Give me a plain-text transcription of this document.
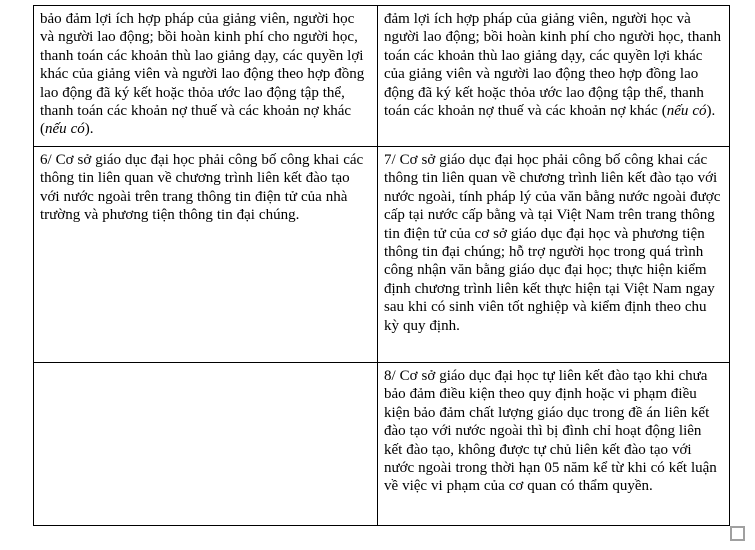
bảo đảm lợi ích hợp pháp của giảng viên, người học và người lao động; bồi hoàn kinh phí cho người học, thanh toán các khoản thù lao giảng dạy, các quyền lợi khác của giảng viên và người lao động theo hợp đồng lao động đã ký kết hoặc thỏa ước lao động tập thể, thanh toán các khoản nợ thuế và các khoản nợ khác (nếu có).	đảm lợi ích hợp pháp của giảng viên, người học và người lao động; bồi hoàn kinh phí cho người học, thanh toán các khoản thù lao giảng dạy, các quyền lợi khác của giảng viên và người lao động theo hợp đồng lao động đã ký kết hoặc thỏa ước lao động tập thể, thanh toán các khoản nợ thuế và các khoản nợ khác (nếu có).
6/ Cơ sở giáo dục đại học phải công bố công khai các thông tin liên quan về chương trình liên kết đào tạo với nước ngoài trên trang thông tin điện tử của nhà trường và phương tiện thông tin đại chúng.	7/ Cơ sở giáo dục đại học phải công bố công khai các thông tin liên quan về chương trình liên kết đào tạo với nước ngoài, tính pháp lý của văn bằng nước ngoài được cấp tại nước cấp bằng và tại Việt Nam trên trang thông tin điện tử của cơ sở giáo dục đại học và phương tiện thông tin đại chúng; hỗ trợ người học trong quá trình công nhận văn bằng giáo dục đại học; thực hiện kiểm định chương trình liên kết thực hiện tại Việt Nam ngay sau khi có sinh viên tốt nghiệp và kiểm định theo chu kỳ quy định.
	8/ Cơ sở giáo dục đại học tự liên kết đào tạo khi chưa bảo đảm điều kiện theo quy định hoặc vi phạm điều kiện bảo đảm chất lượng giáo dục trong đề án liên kết đào tạo với nước ngoài thì bị đình chỉ hoạt động liên kết đào tạo, không được tự chủ liên kết đào tạo với nước ngoài trong thời hạn 05 năm kể từ khi có kết luận về việc vi phạm của cơ quan có thẩm quyền.
